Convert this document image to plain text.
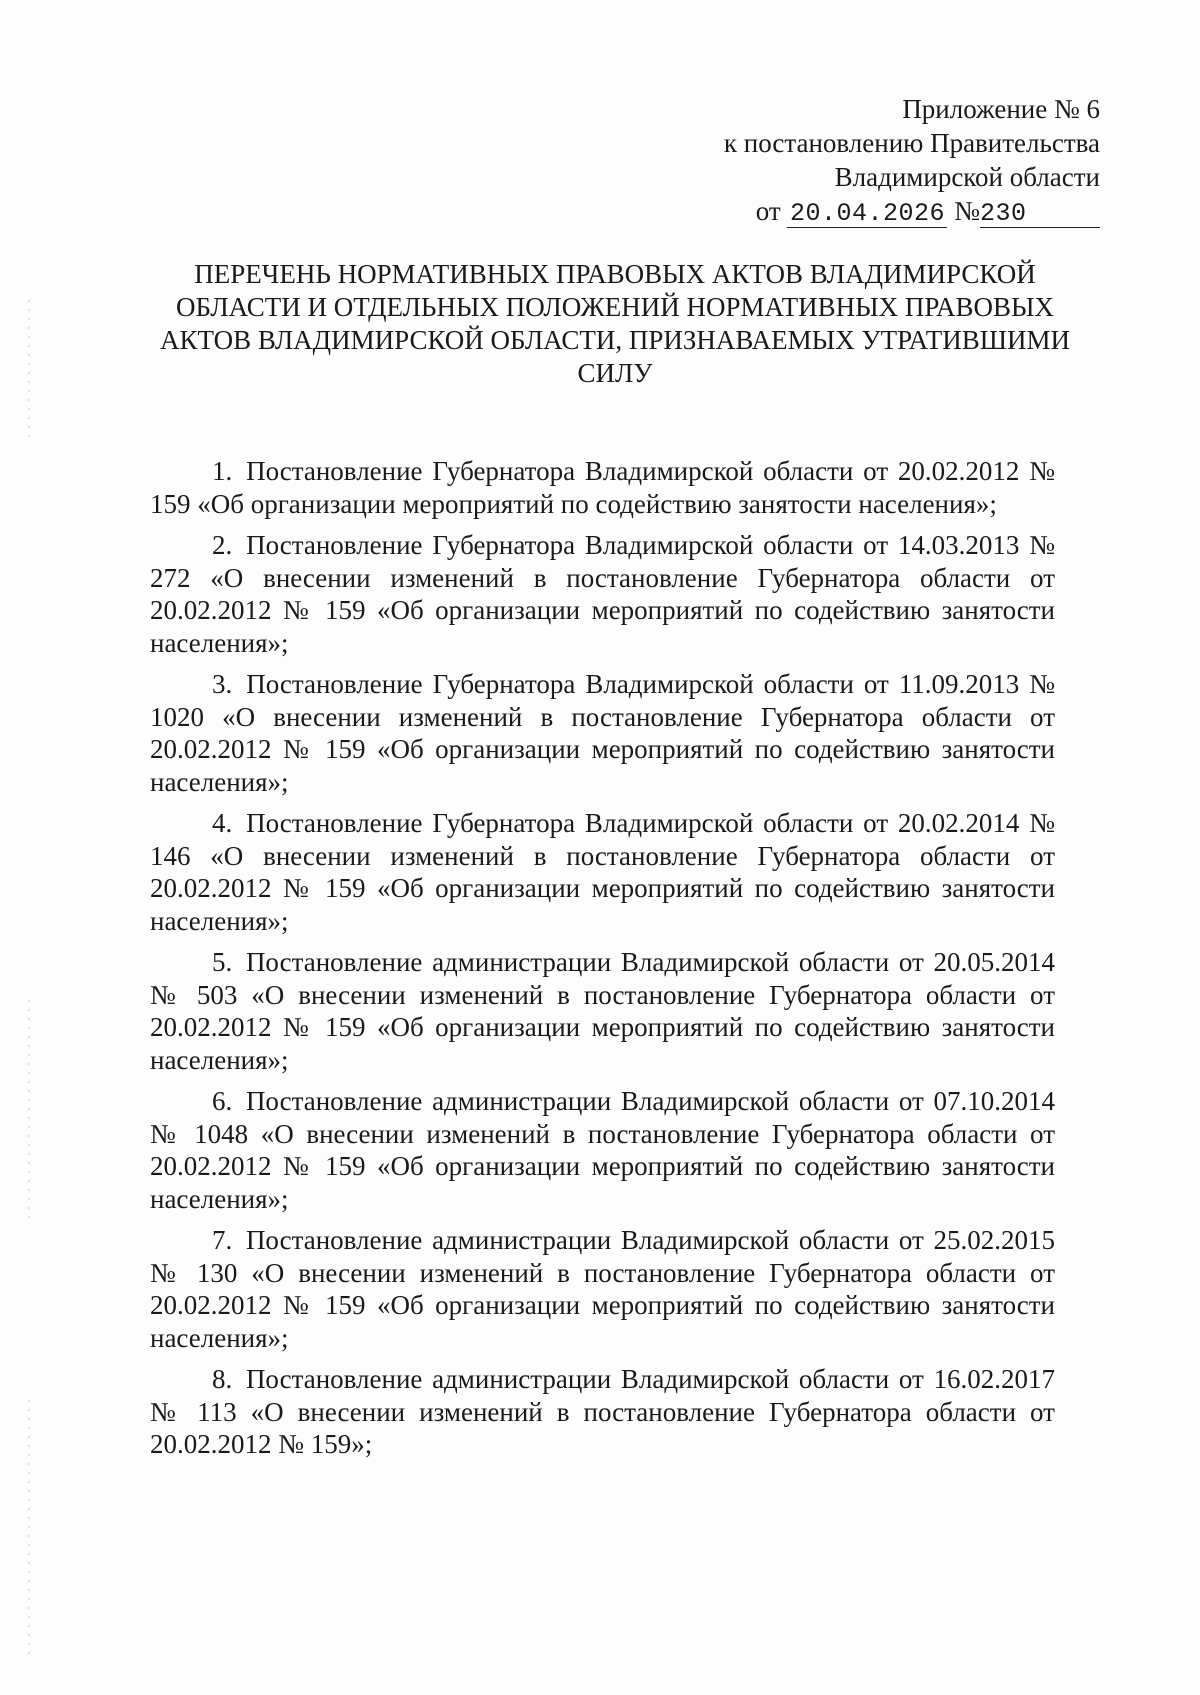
Приложение № 6
к постановлению Правительства
Владимирской области
от 20.04.2026 №230
ПЕРЕЧЕНЬ НОРМАТИВНЫХ ПРАВОВЫХ АКТОВ ВЛАДИМИРСКОЙ
ОБЛАСТИ И ОТДЕЛЬНЫХ ПОЛОЖЕНИЙ НОРМАТИВНЫХ ПРАВОВЫХ
АКТОВ ВЛАДИМИРСКОЙ ОБЛАСТИ, ПРИЗНАВАЕМЫХ УТРАТИВШИМИ
СИЛУ

1. Постановление Губернатора Владимирской области от 20.02.2012 № 159 «Об организации мероприятий по содействию занятости населения»;

2. Постановление Губернатора Владимирской области от 14.03.2013 № 272 «О внесении изменений в постановление Губернатора области от 20.02.2012 № 159 «Об организации мероприятий по содействию занятости населения»;

3. Постановление Губернатора Владимирской области от 11.09.2013 № 1020 «О внесении изменений в постановление Губернатора области от 20.02.2012 № 159 «Об организации мероприятий по содействию занятости населения»;

4. Постановление Губернатора Владимирской области от 20.02.2014 № 146 «О внесении изменений в постановление Губернатора области от 20.02.2012 № 159 «Об организации мероприятий по содействию занятости населения»;

5. Постановление администрации Владимирской области от 20.05.2014 № 503 «О внесении изменений в постановление Губернатора области от 20.02.2012 № 159 «Об организации мероприятий по содействию занятости населения»;

6. Постановление администрации Владимирской области от 07.10.2014 № 1048 «О внесении изменений в постановление Губернатора области от 20.02.2012 № 159 «Об организации мероприятий по содействию занятости населения»;

7. Постановление администрации Владимирской области от 25.02.2015 № 130 «О внесении изменений в постановление Губернатора области от 20.02.2012 № 159 «Об организации мероприятий по содействию занятости населения»;

8. Постановление администрации Владимирской области от 16.02.2017 № 113 «О внесении изменений в постановление Губернатора области от 20.02.2012 № 159»;
